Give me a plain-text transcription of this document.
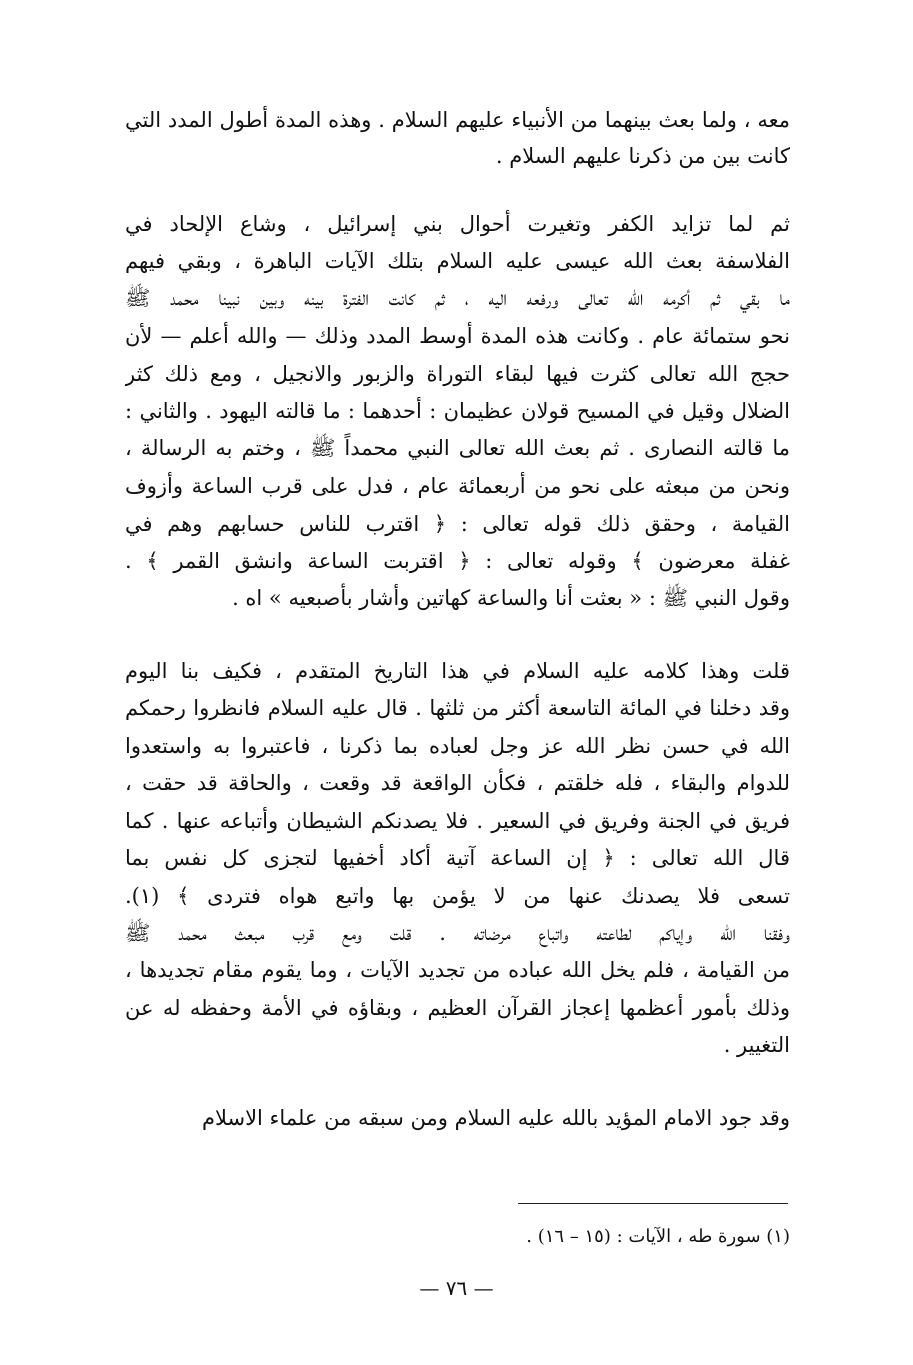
معه ، ولما بعث بينهما من الأنبياء عليهم السلام . وهذه المدة أطول المدد التي
كانت بين من ذكرنا عليهم السلام .
ثم لما تزايد الكفر وتغيرت أحوال بني إسرائيل ، وشاع الإلحاد في
الفلاسفة بعث الله عيسى عليه السلام بتلك الآيات الباهرة ، وبقي فيهم
ما بقي ثم أكرمه الله تعالى ورفعه اليه ، ثم كانت الفترة بينه وبين نبينا محمد ﷺ
نحو ستمائة عام . وكانت هذه المدة أوسط المدد وذلك — والله أعلم — لأن
حجج الله تعالى كثرت فيها لبقاء التوراة والزبور والانجيل ، ومع ذلك كثر
الضلال وقيل في المسيح قولان عظيمان : أحدهما : ما قالته اليهود . والثاني :
ما قالته النصارى . ثم بعث الله تعالى النبي محمداً ﷺ ، وختم به الرسالة ،
ونحن من مبعثه على نحو من أربعمائة عام ، فدل على قرب الساعة وأزوف
القيامة ، وحقق ذلك قوله تعالى : ﴿ اقترب للناس حسابهم وهم في
غفلة معرضون ﴾ وقوله تعالى : ﴿ اقتربت الساعة وانشق القمر ﴾ .
وقول النبي ﷺ : « بعثت أنا والساعة كهاتين وأشار بأصبعيه » اه .
قلت وهذا كلامه عليه السلام في هذا التاريخ المتقدم ، فكيف بنا اليوم
وقد دخلنا في المائة التاسعة أكثر من ثلثها . قال عليه السلام فانظروا رحمكم
الله في حسن نظر الله عز وجل لعباده بما ذكرنا ، فاعتبروا به واستعدوا
للدوام والبقاء ، فله خلقتم ، فكأن الواقعة قد وقعت ، والحاقة قد حقت ،
فريق في الجنة وفريق في السعير . فلا يصدنكم الشيطان وأتباعه عنها . كما
قال الله تعالى : ﴿ إن الساعة آتية أكاد أخفيها لتجزى كل نفس بما
تسعى فلا يصدنك عنها من لا يؤمن بها واتبع هواه فتردى ﴾ (١).
وفقنا الله وإياكم لطاعته واتباع مرضاته . قلت ومع قرب مبعث محمد ﷺ
من القيامة ، فلم يخل الله عباده من تجديد الآيات ، وما يقوم مقام تجديدها ،
وذلك بأمور أعظمها إعجاز القرآن العظيم ، وبقاؤه في الأمة وحفظه له عن
التغيير .
وقد جود الامام المؤيد بالله عليه السلام ومن سبقه من علماء الاسلام
(١) سورة طه ، الآيات : (١٥ – ١٦) .
— ٧٦ —
